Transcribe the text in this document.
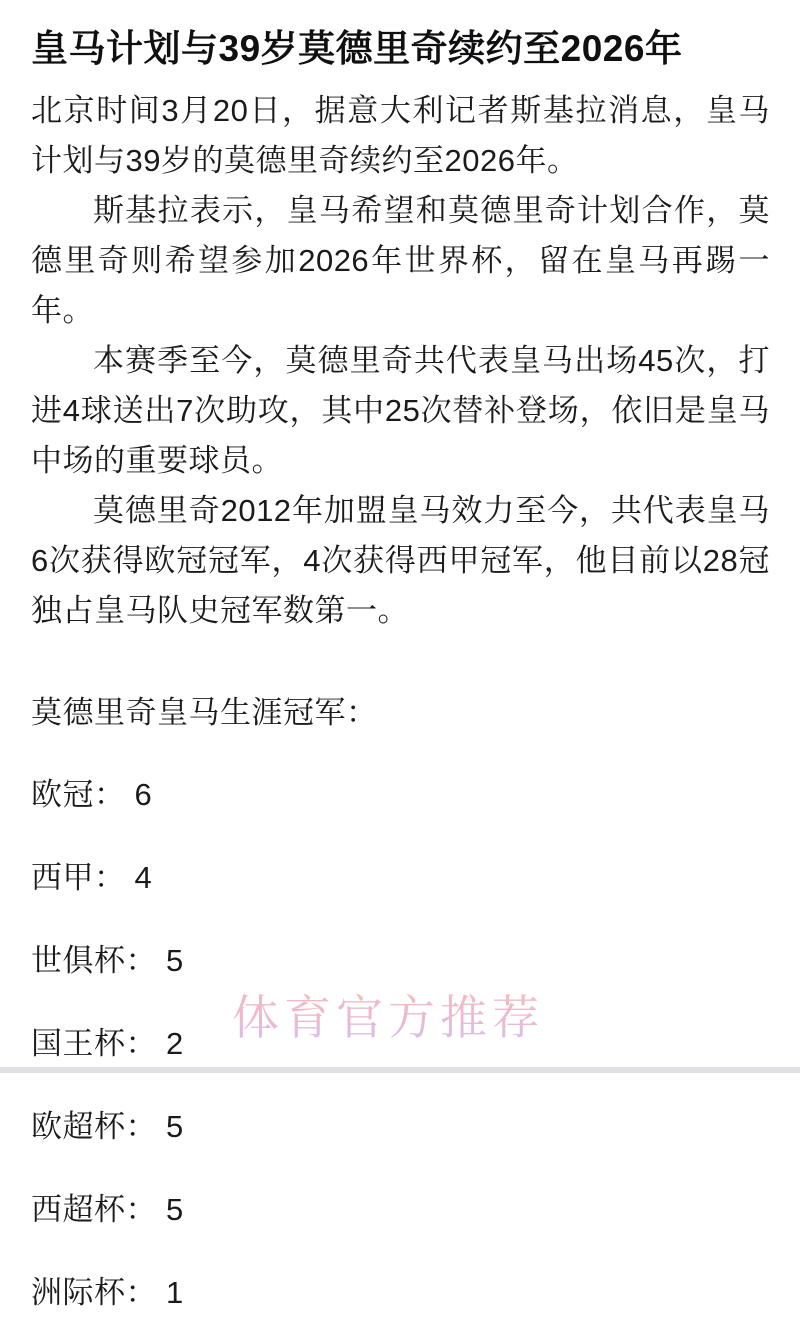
皇马计划与39岁莫德里奇续约至2026年

北京时间3月20日，据意大利记者斯基拉消息，皇马计划与39岁的莫德里奇续约至2026年。

斯基拉表示，皇马希望和莫德里奇计划合作，莫德里奇则希望参加2026年世界杯，留在皇马再踢一年。

本赛季至今，莫德里奇共代表皇马出场45次，打进4球送出7次助攻，其中25次替补登场，依旧是皇马中场的重要球员。

莫德里奇2012年加盟皇马效力至今，共代表皇马6次获得欧冠冠军，4次获得西甲冠军，他目前以28冠独占皇马队史冠军数第一。

莫德里奇皇马生涯冠军：

欧冠： 6

西甲： 4

世俱杯： 5

国王杯： 2

欧超杯： 5

西超杯： 5

洲际杯： 1

体育官方推荐
